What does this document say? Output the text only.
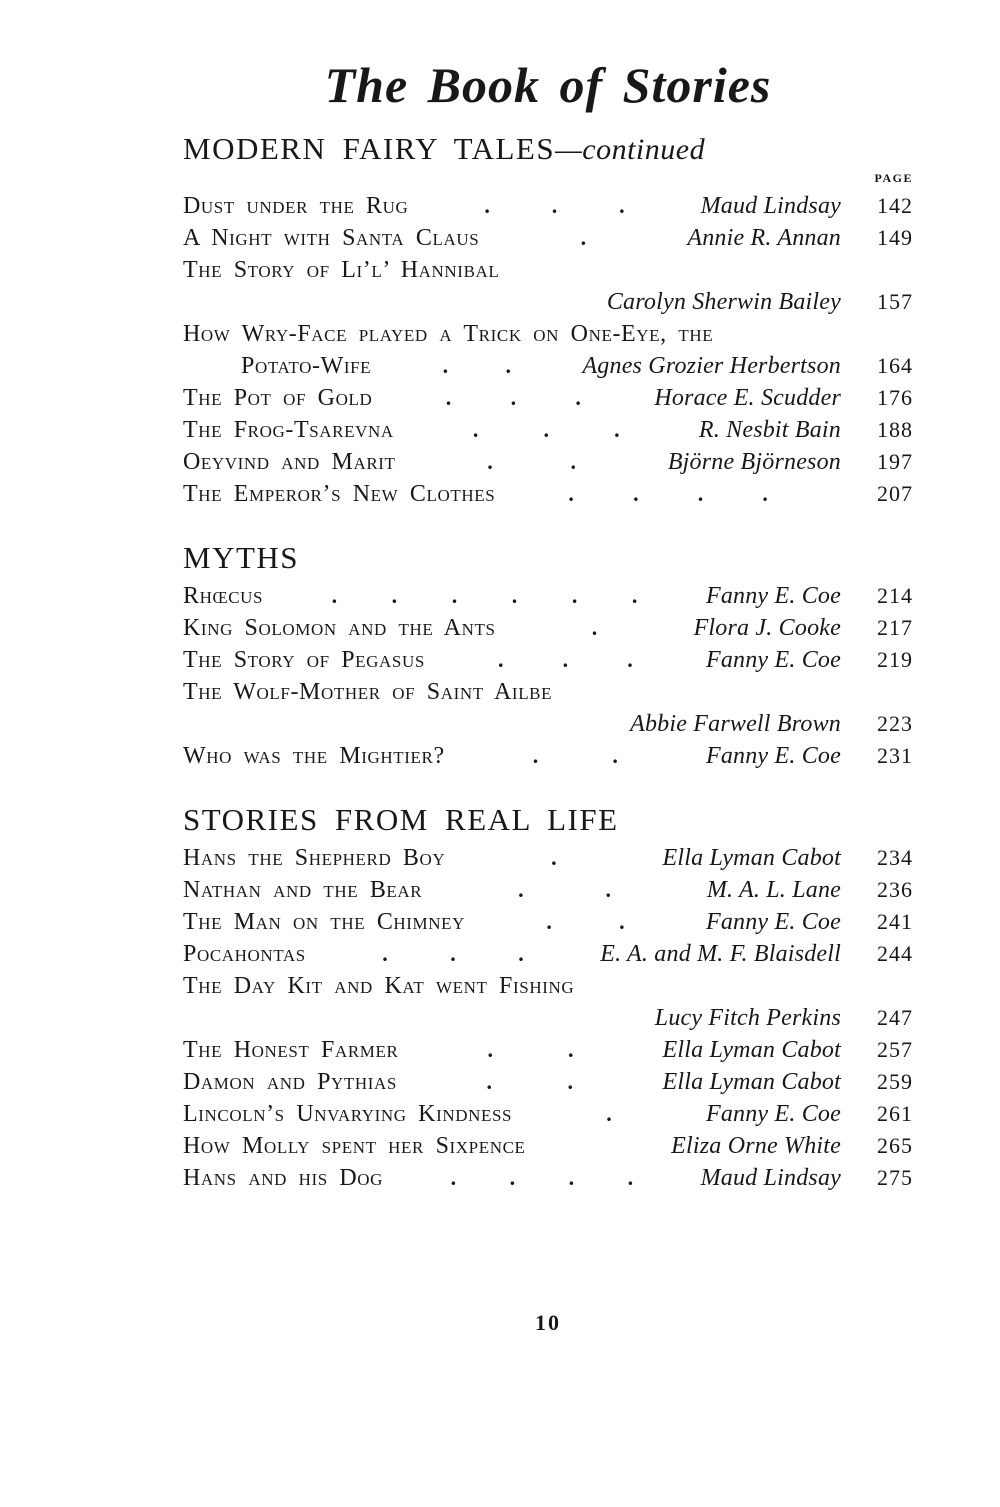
The Book of Stories
MODERN FAIRY TALES—continued
PAGE
Dust under the Rug	.	.	.	Maud Lindsay	142
A Night with Santa Claus	.	Annie R. Annan	149
The Story of Li’l’ Hannibal
Carolyn Sherwin Bailey	157
How Wry-Face played a Trick on One-Eye, the
Potato-Wife	.	.	Agnes Grozier Herbertson	164
The Pot of Gold	.	.	.	Horace E. Scudder	176
The Frog-Tsarevna	.	.	.	R. Nesbit Bain	188
Oeyvind and Marit	.	.	Björne Björneson	197
The Emperor’s New Clothes	.	.	.	.	207
MYTHS
Rhœcus	. . . . . .	Fanny E. Coe	214
King Solomon and the Ants	.	Flora J. Cooke	217
The Story of Pegasus	.	.	.	Fanny E. Coe	219
The Wolf-Mother of Saint Ailbe
Abbie Farwell Brown	223
Who was the Mightier?	.	.	Fanny E. Coe	231
STORIES FROM REAL LIFE
Hans the Shepherd Boy	.	Ella Lyman Cabot	234
Nathan and the Bear	.	.	M. A. L. Lane	236
The Man on the Chimney	.	.	Fanny E. Coe	241
Pocahontas	.	.	.	E. A. and M. F. Blaisdell	244
The Day Kit and Kat went Fishing
Lucy Fitch Perkins	247
The Honest Farmer	.	.	Ella Lyman Cabot	257
Damon and Pythias	.	.	Ella Lyman Cabot	259
Lincoln’s Unvarying Kindness	.	Fanny E. Coe	261
How Molly spent her Sixpence	Eliza Orne White	265
Hans and his Dog	. . . .	Maud Lindsay	275
10
